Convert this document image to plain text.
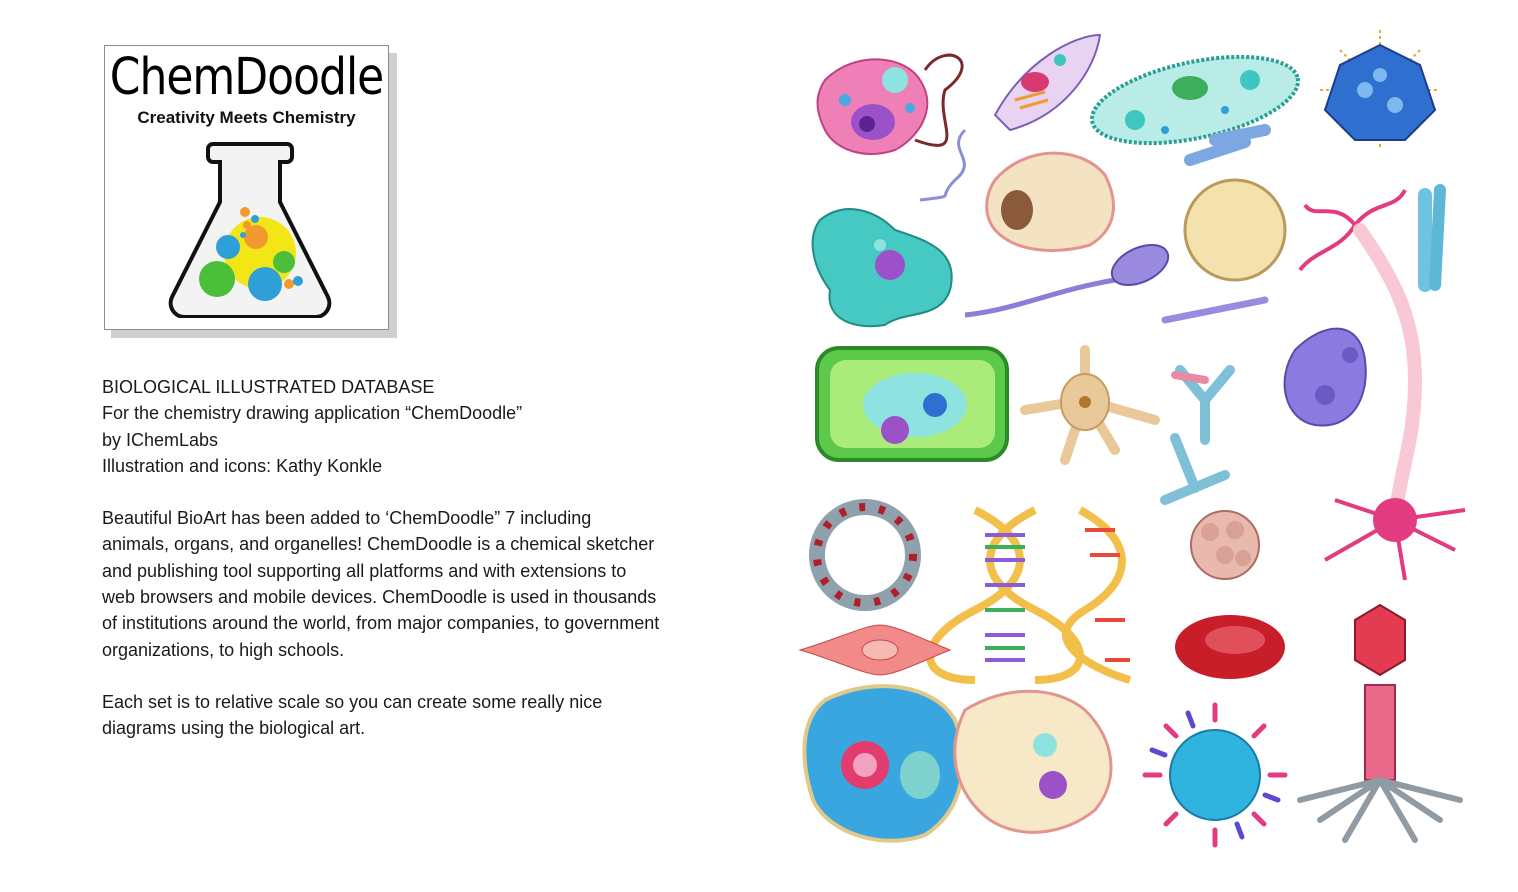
ChemDoodle
Creativity Meets Chemistry

BIOLOGICAL ILLUSTRATED DATABASE

For the chemistry drawing application “ChemDoodle”

by IChemLabs

Illustration and icons: Kathy Konkle

Beautiful BioArt has been added to ‘ChemDoodle” 7 including animals, organs, and organelles! ChemDoodle is a chemical sketcher and publishing tool supporting all platforms and with extensions to web browsers and mobile devices. ChemDoodle is used in thousands of institutions around the world, from major companies, to government organizations, to high schools.

Each set is to relative scale so you can create some really nice diagrams using the biological art.
